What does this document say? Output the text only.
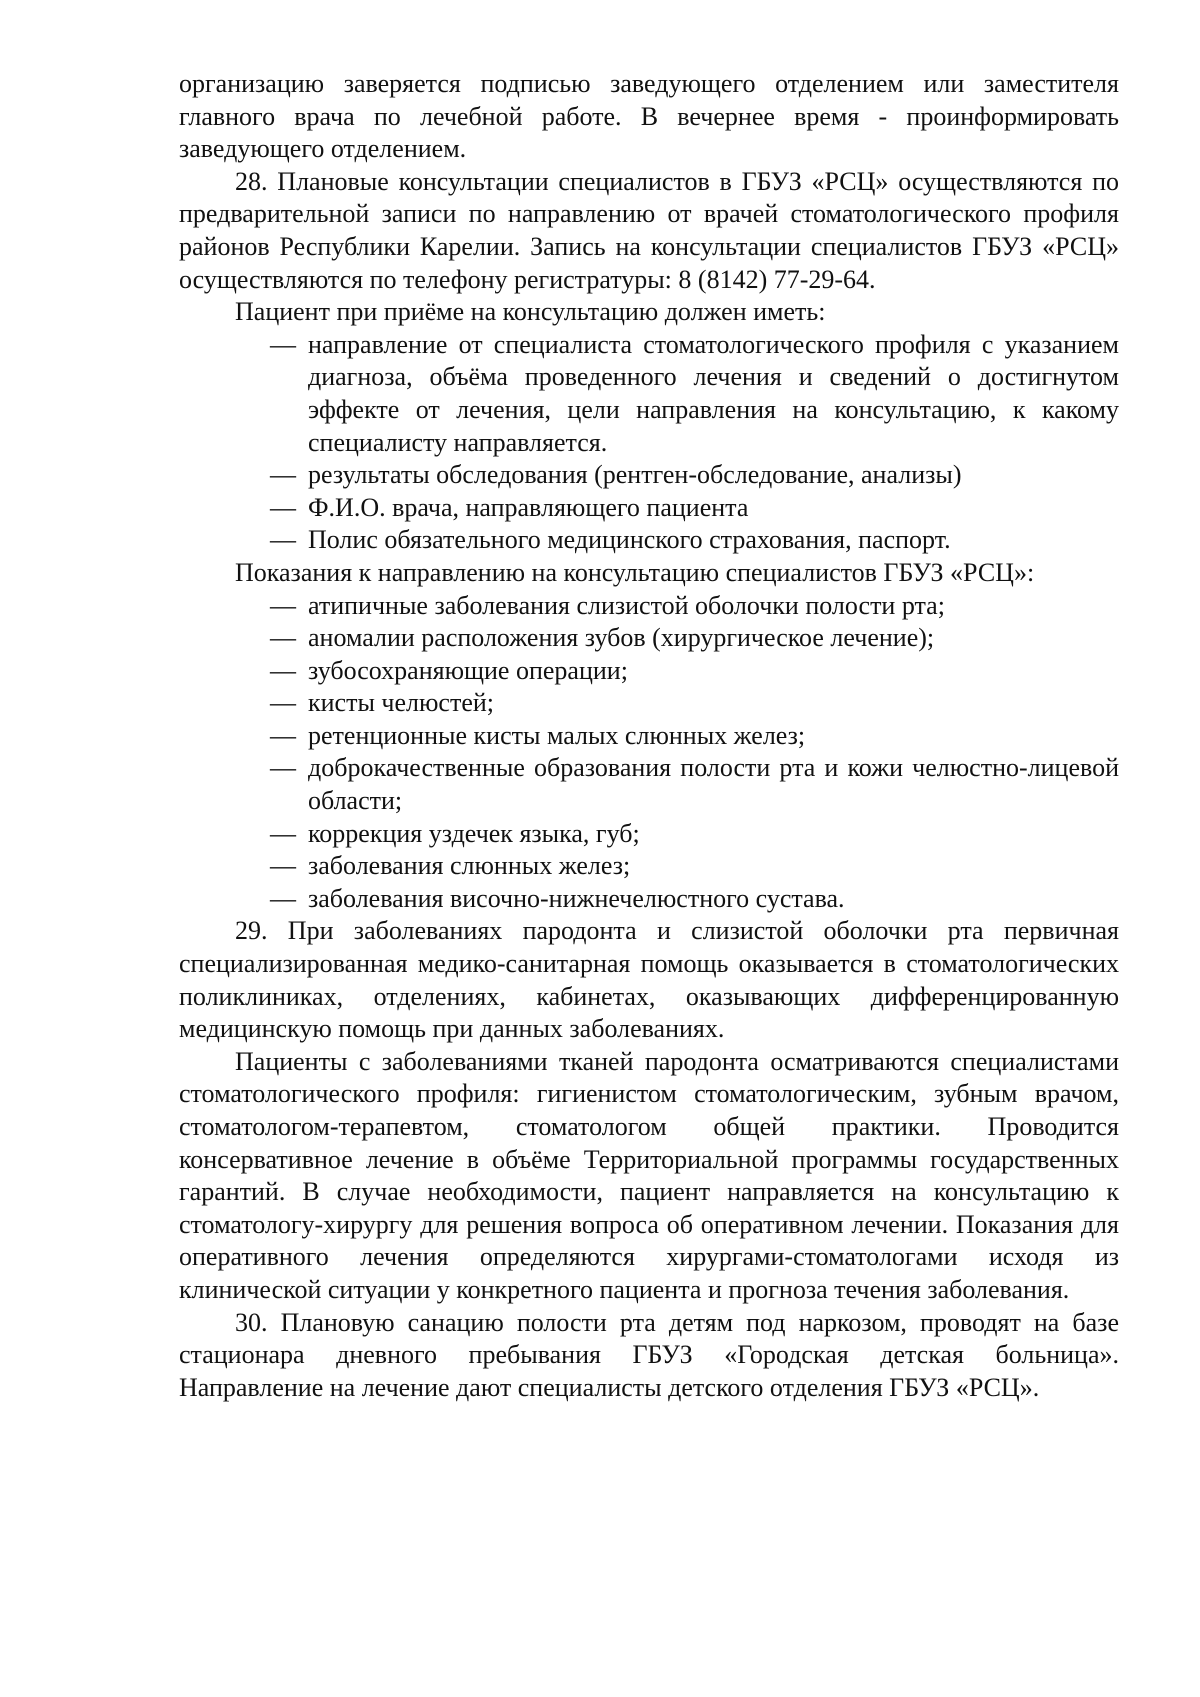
организацию заверяется подписью заведующего отделением или заместителя главного врача по лечебной работе. В вечернее время - проинформировать заведующего отделением.

28. Плановые консультации специалистов в ГБУЗ «РСЦ» осуществляются по предварительной записи по направлению от врачей стоматологического профиля районов Республики Карелии. Запись на консультации специалистов ГБУЗ «РСЦ» осуществляются по телефону регистратуры: 8 (8142) 77-29-64.

Пациент при приёме на консультацию должен иметь:

— направление от специалиста стоматологического профиля с указанием диагноза, объёма проведенного лечения и сведений о достигнутом эффекте от лечения, цели направления на консультацию, к какому специалисту направляется.
— результаты обследования (рентген-обследование, анализы)
— Ф.И.О. врача, направляющего пациента
— Полис обязательного медицинского страхования, паспорт.

Показания к направлению на консультацию специалистов ГБУЗ «РСЦ»:

— атипичные заболевания слизистой оболочки полости рта;
— аномалии расположения зубов (хирургическое лечение);
— зубосохраняющие операции;
— кисты челюстей;
— ретенционные кисты малых слюнных желез;
— доброкачественные образования полости рта и кожи челюстно-лицевой области;
— коррекция уздечек языка, губ;
— заболевания слюнных желез;
— заболевания височно-нижнечелюстного сустава.

29. При заболеваниях пародонта и слизистой оболочки рта первичная специализированная медико-санитарная помощь оказывается в стоматологических поликлиниках, отделениях, кабинетах, оказывающих дифференцированную медицинскую помощь при данных заболеваниях.

Пациенты с заболеваниями тканей пародонта осматриваются специалистами стоматологического профиля: гигиенистом стоматологическим, зубным врачом, стоматологом-терапевтом, стоматологом общей практики. Проводится консервативное лечение в объёме Территориальной программы государственных гарантий. В случае необходимости, пациент направляется на консультацию к стоматологу-хирургу для решения вопроса об оперативном лечении. Показания для оперативного лечения определяются хирургами-стоматологами исходя из клинической ситуации у конкретного пациента и прогноза течения заболевания.

30. Плановую санацию полости рта детям под наркозом, проводят на базе стационара дневного пребывания ГБУЗ «Городская детская больница». Направление на лечение дают специалисты детского отделения ГБУЗ «РСЦ».
